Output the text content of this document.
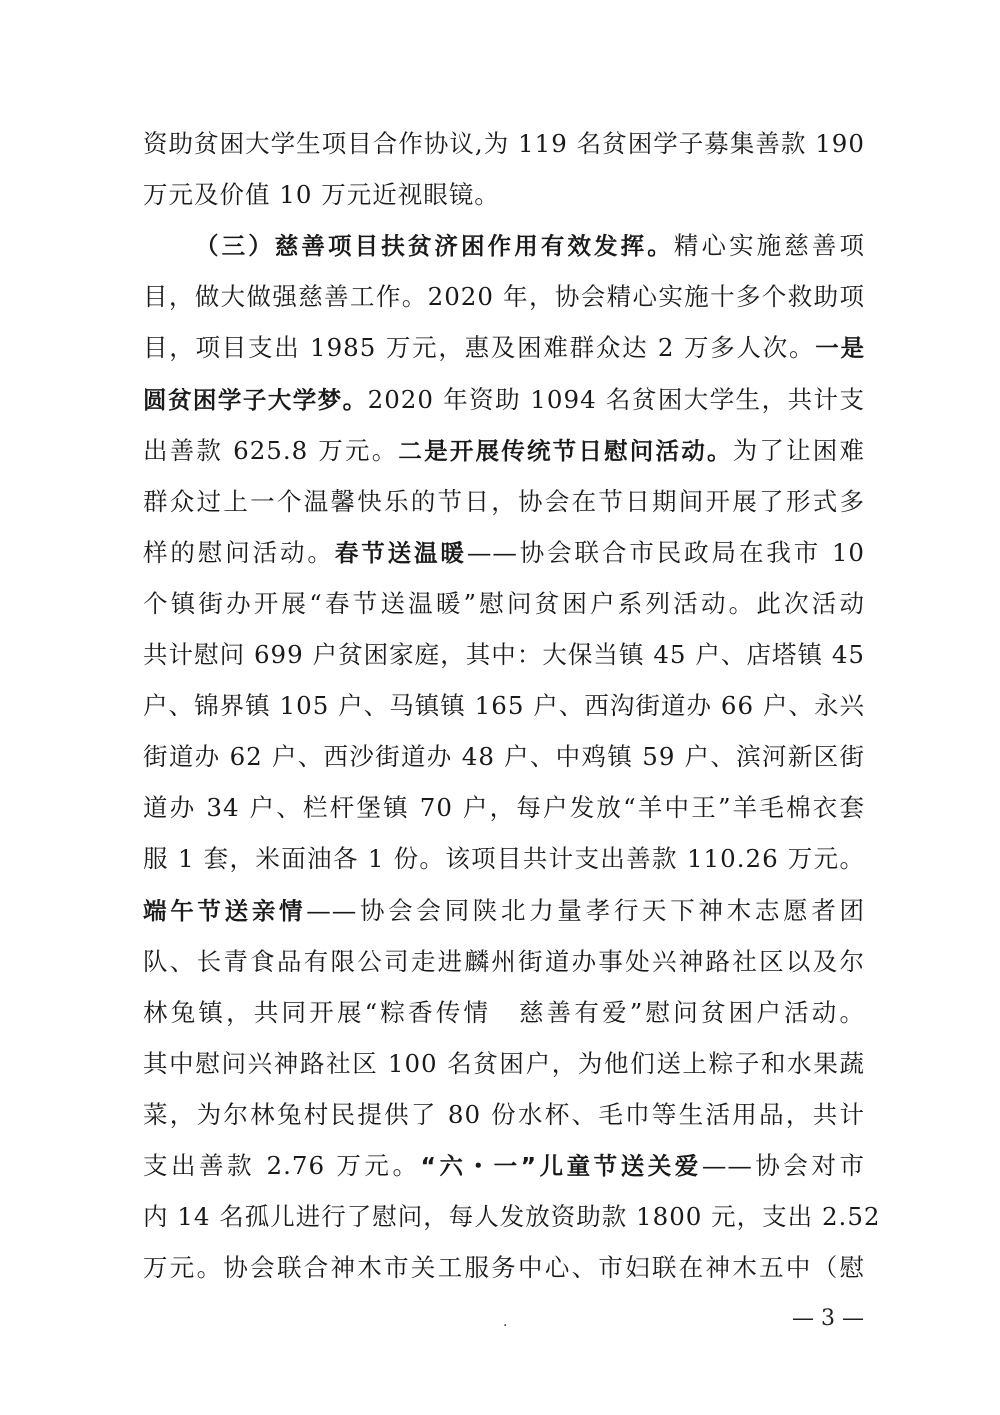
资助贫困大学生项目合作协议,为 119 名贫困学子募集善款 190
万元及价值 10 万元近视眼镜。
（三）慈善项目扶贫济困作用有效发挥。精心实施慈善项
目，做大做强慈善工作。2020 年，协会精心实施十多个救助项
目，项目支出 1985 万元，惠及困难群众达 2 万多人次。一是
圆贫困学子大学梦。2020 年资助 1094 名贫困大学生，共计支
出善款 625.8 万元。二是开展传统节日慰问活动。为了让困难
群众过上一个温馨快乐的节日，协会在节日期间开展了形式多
样的慰问活动。春节送温暖——协会联合市民政局在我市 10
个镇街办开展“春节送温暖”慰问贫困户系列活动。此次活动
共计慰问 699 户贫困家庭，其中：大保当镇 45 户、店塔镇 45
户、锦界镇 105 户、马镇镇 165 户、西沟街道办 66 户、永兴
街道办 62 户、西沙街道办 48 户、中鸡镇 59 户、滨河新区街
道办 34 户、栏杆堡镇 70 户，每户发放“羊中王”羊毛棉衣套
服 1 套，米面油各 1 份。该项目共计支出善款 110.26 万元。
端午节送亲情——协会会同陕北力量孝行天下神木志愿者团
队、长青食品有限公司走进麟州街道办事处兴神路社区以及尔
林兔镇，共同开展“粽香传情　慈善有爱”慰问贫困户活动。
其中慰问兴神路社区 100 名贫困户，为他们送上粽子和水果蔬
菜，为尔林兔村民提供了 80 份水杯、毛巾等生活用品，共计
支出善款 2.76 万元。“六・一”儿童节送关爱——协会对市
内 14 名孤儿进行了慰问，每人发放资助款 1800 元，支出 2.52
万元。协会联合神木市关工服务中心、市妇联在神木五中（慰
·	— 3 —
